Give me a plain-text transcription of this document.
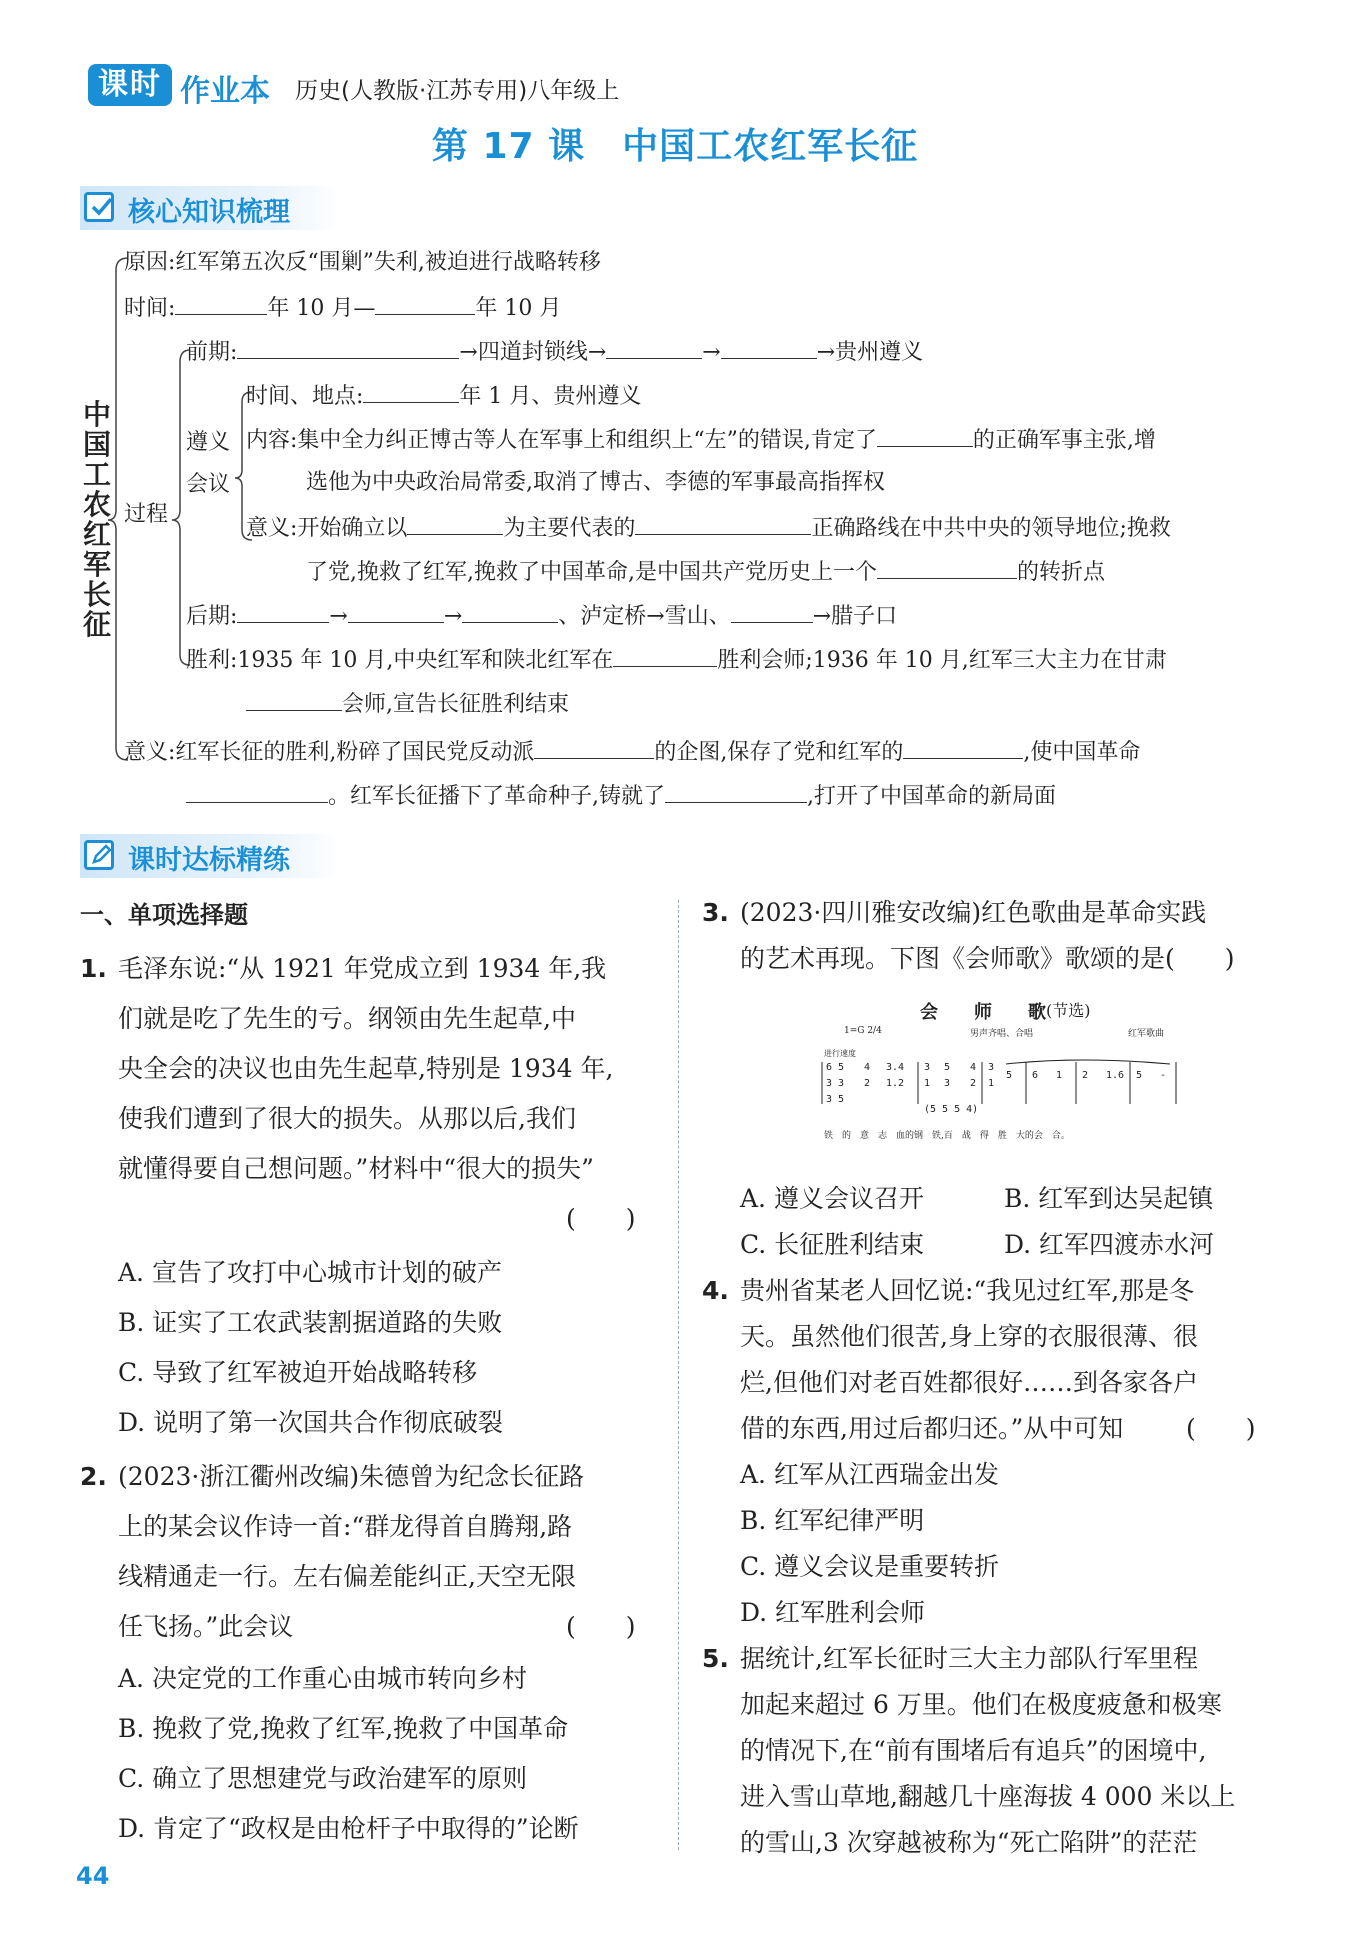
课时 作业本 历史(人教版·江苏专用)八年级上
第 17 课　中国工农红军长征
核心知识梳理
中国工农红军长征
过程
遵义
会议
原因:红军第五次反“围剿”失利,被迫进行战略转移
时间:	年 10 月—	年 10 月
前期:	→四道封锁线→	→	→贵州遵义
时间、地点:	年 1 月、贵州遵义
内容:集中全力纠正博古等人在军事上和组织上“左”的错误,肯定了	的正确军事主张,增
选他为中央政治局常委,取消了博古、李德的军事最高指挥权
意义:开始确立以	为主要代表的	正确路线在中共中央的领导地位;挽救
了党,挽救了红军,挽救了中国革命,是中国共产党历史上一个	的转折点
后期:	→	→	、泸定桥→雪山、	→腊子口
胜利:1935 年 10 月,中央红军和陕北红军在	胜利会师;1936 年 10 月,红军三大主力在甘肃
会师,宣告长征胜利结束
意义:红军长征的胜利,粉碎了国民党反动派	的企图,保存了党和红军的	,使中国革命
。红军长征播下了革命种子,铸就了	,打开了中国革命的新局面
课时达标精练
一、单项选择题
1. 毛泽东说:“从 1921 年党成立到 1934 年,我
们就是吃了先生的亏。纲领由先生起草,中
央全会的决议也由先生起草,特别是 1934 年,
使我们遭到了很大的损失。从那以后,我们
就懂得要自己想问题。”材料中“很大的损失”
(　　)
A. 宣告了攻打中心城市计划的破产
B. 证实了工农武装割据道路的失败
C. 导致了红军被迫开始战略转移
D. 说明了第一次国共合作彻底破裂
2. (2023·浙江衢州改编)朱德曾为纪念长征路
上的某会议作诗一首:“群龙得首自腾翔,路
线精通走一行。左右偏差能纠正,天空无限
任飞扬。”此会议	(　　)
A. 决定党的工作重心由城市转向乡村
B. 挽救了党,挽救了红军,挽救了中国革命
C. 确立了思想建党与政治建军的原则
D. 肯定了“政权是由枪杆子中取得的”论断
3. (2023·四川雅安改编)红色歌曲是革命实践
的艺术再现。下图《会师歌》歌颂的是(　　)
会　　师　　歌 (节选)
1=G 2/4	男声齐唱、合唱	红军歌曲
进行速度
6 5
3 3
3 5
4
2
3.4
1.2
3
1
5
3
4
2
3
1
5 6 1 2 1.6 5 -
(5 5 5 4)
铁　的　意　志　血的钢　铁,百　战　得　胜　大的会　合。
A. 遵义会议召开	B. 红军到达吴起镇
C. 长征胜利结束	D. 红军四渡赤水河
4. 贵州省某老人回忆说:“我见过红军,那是冬
天。虽然他们很苦,身上穿的衣服很薄、很
烂,但他们对老百姓都很好……到各家各户
借的东西,用过后都归还。”从中可知	(　　)
A. 红军从江西瑞金出发
B. 红军纪律严明
C. 遵义会议是重要转折
D. 红军胜利会师
5. 据统计,红军长征时三大主力部队行军里程
加起来超过 6 万里。他们在极度疲惫和极寒
的情况下,在“前有围堵后有追兵”的困境中,
进入雪山草地,翻越几十座海拔 4 000 米以上
的雪山,3 次穿越被称为“死亡陷阱”的茫茫
44
